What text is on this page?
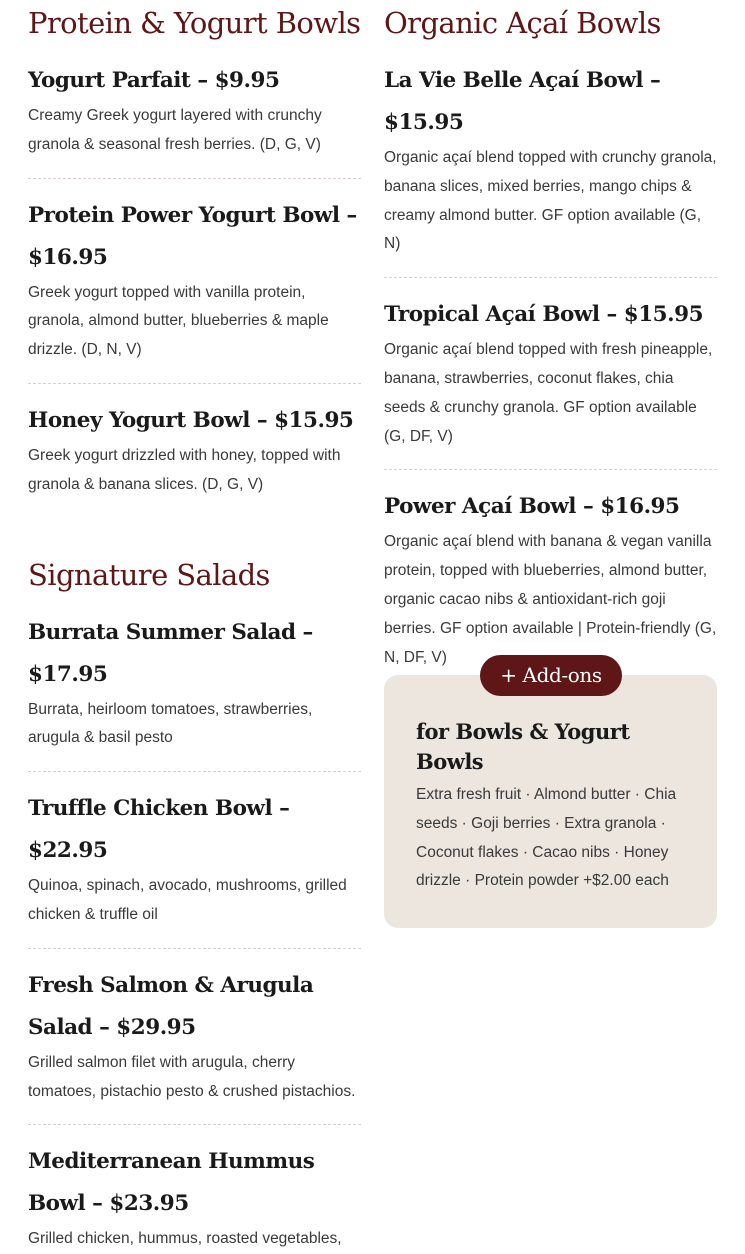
Protein & Yogurt Bowls
Yogurt Parfait – $9.95

Creamy Greek yogurt layered with crunchy granola & seasonal fresh berries. (D, G, V)

Protein Power Yogurt Bowl – $16.95

Greek yogurt topped with vanilla protein, granola, almond butter, blueberries & maple drizzle. (D, N, V)

Honey Yogurt Bowl – $15.95

Greek yogurt drizzled with honey, topped with granola & banana slices. (D, G, V)

Signature Salads
Burrata Summer Salad – $17.95

Burrata, heirloom tomatoes, strawberries, arugula & basil pesto

Truffle Chicken Bowl – $22.95

Quinoa, spinach, avocado, mushrooms, grilled chicken & truffle oil

Fresh Salmon & Arugula Salad – $29.95

Grilled salmon filet with arugula, cherry tomatoes, pistachio pesto & crushed pistachios.

Mediterranean Hummus Bowl – $23.95

Grilled chicken, hummus, roasted vegetables,

Organic Açaí Bowls
La Vie Belle Açaí Bowl – $15.95

Organic açaí blend topped with crunchy granola, banana slices, mixed berries, mango chips & creamy almond butter. GF option available (G, N)

Tropical Açaí Bowl – $15.95

Organic açaí blend topped with fresh pineapple, banana, strawberries, coconut flakes, chia seeds & crunchy granola. GF option available (G, DF, V)

Power Açaí Bowl – $16.95

Organic açaí blend with banana & vegan vanilla protein, topped with blueberries, almond butter, organic cacao nibs & antioxidant-rich goji berries. GF option available | Protein-friendly (G, N, DF, V)

for Bowls & Yogurt Bowls

Extra fresh fruit · Almond butter · Chia seeds · Goji berries · Extra granola · Coconut flakes · Cacao nibs · Honey drizzle · Protein powder +$2.00 each

+ Add-ons
